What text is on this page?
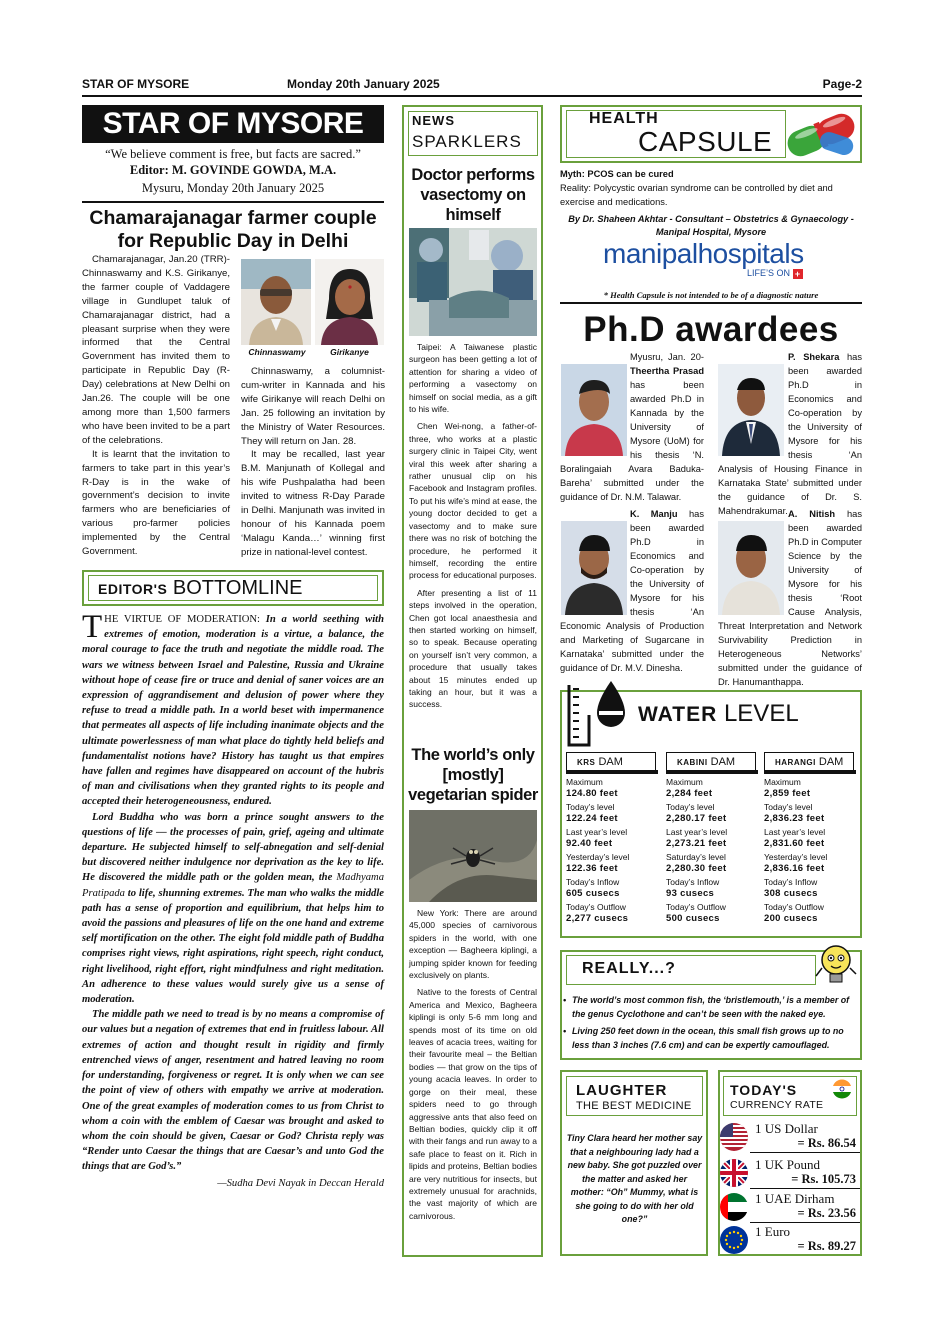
STAR OF MYSORE	Monday 20th January 2025	Page-2
STAR OF MYSORE
“We believe comment is free, but facts are sacred.”
Editor: M. GOVINDE GOWDA, M.A.
Mysuru, Monday 20th January 2025
Chamarajanagar farmer couple for Republic Day in Delhi

Chamarajanagar, Jan.20 (TRR)- Chinnaswamy and K.S. Girikanye, the farmer couple of Vaddagere village in Gundlupet taluk of Chamarajanagar district, had a pleasant surprise when they were informed that the Central Government has invited them to participate in Republic Day (R-Day) celebrations at New Delhi on Jan.26. The couple will be one among more than 1,500 farmers who have been invited to be a part of the celebrations.

It is learnt that the invitation to farmers to take part in this year’s R-Day is in the wake of government’s decision to invite farmers who are beneficiaries of various pro-farmer policies implemented by the Central Government.

Chinnaswamy	Girikanye

Chinnaswamy, a columnist-cum-writer in Kannada and his wife Girikanye will reach Delhi on Jan. 25 following an invitation by the Ministry of Water Resources. They will return on Jan. 28.

It may be recalled, last year B.M. Manjunath of Kollegal and his wife Pushpalatha had been invited to witness R-Day Parade in Delhi. Manjunath was invited in honour of his Kannada poem ‘Malagu Kanda…’ winning first prize in national-level contest.

EDITOR'S BOTTOMLINE

THE VIRTUE OF MODERATION: In a world seething with extremes of emotion, moderation is a virtue, a balance, the moral courage to face the truth and negotiate the middle road. The wars we witness between Israel and Palestine, Russia and Ukraine without hope of cease fire or truce and denial of saner voices are an expression of aggrandisement and delusion of power where they refuse to tread a middle path. In a world beset with impermanence that permeates all aspects of life including inanimate objects and the ultimate powerlessness of man what place do tightly held beliefs and fundamentalist notions have? History has taught us that empires have fallen and regimes have disappeared on account of the hubris of man and civilisations when they granted rights to its people and accepted their heterogeneousness, endured.

Lord Buddha who was born a prince sought answers to the questions of life — the processes of pain, grief, ageing and ultimate departure. He subjected himself to self-abnegation and self-denial but discovered neither indulgence nor deprivation as the key to life. He discovered the middle path or the golden mean, the Madhyama Pratipada to life, shunning extremes. The man who walks the middle path has a sense of proportion and equilibrium, that helps him to avoid the passions and pleasures of life on the one hand and extreme self mortification on the other. The eight fold middle path of Buddha comprises right views, right aspirations, right speech, right conduct, right livelihood, right effort, right mindfulness and right meditation. An adherence to these values would surely give us a sense of moderation.

The middle path we need to tread is by no means a compromise of our values but a negation of extremes that end in fruitless labour. All extremes of action and thought result in rigidity and firmly entrenched views of anger, resentment and hatred leaving no room for understanding, forgiveness or regret. It is only when we can see the point of view of others with empathy we arrive at moderation. One of the great examples of moderation comes to us from Christ to whom a coin with the emblem of Caesar was brought and asked to whom the coin should be given, Caesar or God? Christa reply was “Render unto Caesar the things that are Caesar’s and unto God the things that are God’s.”

—Sudha Devi Nayak in Deccan Herald
NEWS
SPARKLERS
Doctor performs vasectomy on himself

Taipei: A Taiwanese plastic surgeon has been getting a lot of attention for sharing a video of performing a vasectomy on himself on social media, as a gift to his wife.

Chen Wei-nong, a father-of-three, who works at a plastic surgery clinic in Taipei City, went viral this week after sharing a rather unusual clip on his Facebook and Instagram profiles. To put his wife’s mind at ease, the young doctor decided to get a vasectomy and to make sure there was no risk of botching the procedure, he performed it himself, recording the entire process for educational purposes.

After presenting a list of 11 steps involved in the operation, Chen got local anaesthesia and then started working on himself, so to speak. Because operating on yourself isn’t very common, a procedure that usually takes about 15 minutes ended up taking an hour, but it was a success.

The world’s only [mostly] vegetarian spider

New York: There are around 45,000 species of carnivorous spiders in the world, with one exception — Bagheera kiplingi, a jumping spider known for feeding exclusively on plants.

Native to the forests of Central America and Mexico, Bagheera kiplingi is only 5-6 mm long and spends most of its time on old leaves of acacia trees, waiting for their favourite meal – the Beltian bodies — that grow on the tips of young acacia leaves. In order to gorge on their meal, these spiders need to go through aggressive ants that also feed on Beltian bodies, quickly clip it off with their fangs and run away to a safe place to feast on it. Rich in lipids and proteins, Beltian bodies are very nutritious for insects, but extremely unusual for arachnids, the vast majority of which are carnivorous.

HEALTH
CAPSULE
Myth: PCOS can be cured
Reality: Polycystic ovarian syndrome can be controlled by diet and exercise and medications.
By Dr. Shaheen Akhtar - Consultant – Obstetrics & Gynaecology - Manipal Hospital, Mysore
manipalhospitals
LIFE’S ON +
* Health Capsule is not intended to be of a diagnostic nature
Ph.D awardees
Myusru, Jan. 20- Theertha Prasad has been awarded Ph.D in Kannada by the University of Mysore (UoM) for his thesis ‘N. Boralingaiah Avara Baduka-Bareha’ submitted under the guidance of Dr. N.M. Talawar.
P. Shekara has been awarded Ph.D in Economics and Co-operation by the University of Mysore for his thesis ‘An Analysis of Housing Finance in Karnataka State’ submitted under the guidance of Dr. S. Mahendrakumar.
K. Manju has been awarded Ph.D in Economics and Co-operation by the University of Mysore for his thesis ‘An Economic Analysis of Production and Marketing of Sugarcane in Karnataka’ submitted under the guidance of Dr. M.V. Dinesha.
A. Nitish has been awarded Ph.D in Computer Science by the University of Mysore for his thesis ‘Root Cause Analysis, Threat Interpretation and Network Survivability Prediction in Heterogeneous Networks’ submitted under the guidance of Dr. Hanumanthappa.
WATER LEVEL
KRS DAM
Maximum
124.80 feet
Today’s level
122.24 feet
Last year’s level
92.40 feet
Yesterday’s level
122.36 feet
Today’s Inflow
605 cusecs
Today’s Outflow
2,277 cusecs
KABINI DAM
Maximum
2,284 feet
Today’s level
2,280.17 feet
Last year’s level
2,273.21 feet
Saturday’s level
2,280.30 feet
Today’s Inflow
93 cusecs
Today’s Outflow
500 cusecs
HARANGI DAM
Maximum
2,859 feet
Today’s level
2,836.23 feet
Last year’s level
2,831.60 feet
Yesterday’s level
2,836.16 feet
Today’s Inflow
308 cusecs
Today’s Outflow
200 cusecs
REALLY...?
• The world’s most common fish, the ‘bristlemouth,’ is a member of the genus Cyclothone and can’t be seen with the naked eye.
• Living 250 feet down in the ocean, this small fish grows up to no less than 3 inches (7.6 cm) and can be expertly camouflaged.
LAUGHTER
THE BEST MEDICINE
Tiny Clara heard her mother say that a neighbouring lady had a new baby. She got puzzled over the matter and asked her mother: “Oh” Mummy, what is she going to do with her old one?”
TODAY'S
CURRENCY RATE
1 US Dollar
= Rs. 86.54
1 UK Pound
= Rs. 105.73
1 UAE Dirham
= Rs. 23.56
1 Euro
= Rs. 89.27
